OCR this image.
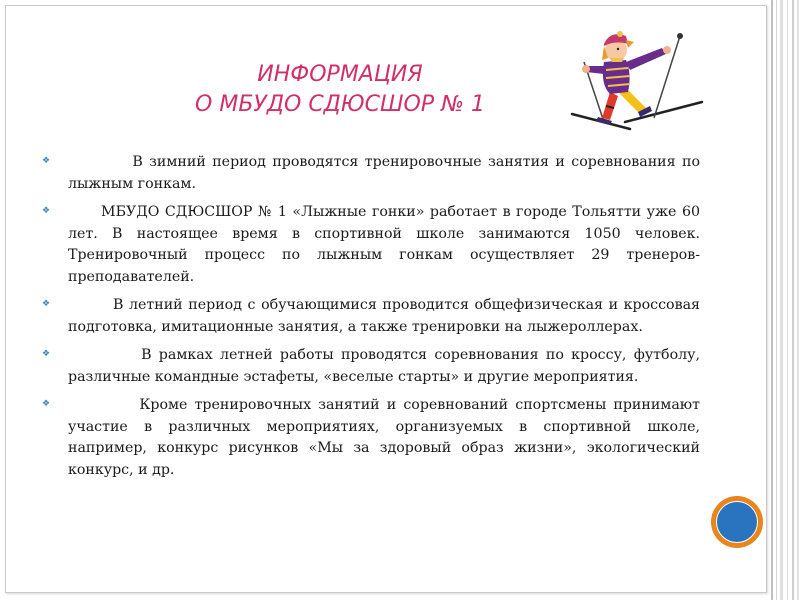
ИНФОРМАЦИЯ
О МБУДО СДЮСШОР № 1
❖	В зимний период проводятся тренировочные занятия и соревнования по лыжным гонкам.

❖	МБУДО СДЮСШОР № 1 «Лыжные гонки» работает в городе Тольятти уже 60 лет. В настоящее время в спортивной школе занимаются 1050 человек. Тренировочный процесс по лыжным гонкам осуществляет 29 тренеров-преподавателей.

❖	В летний период с обучающимися проводится общефизическая и кроссовая подготовка, имитационные занятия, а также тренировки на лыжероллерах.

❖	В рамках летней работы проводятся соревнования по кроссу, футболу, различные командные эстафеты, «веселые старты» и другие мероприятия.

❖	Кроме тренировочных занятий и соревнований спортсмены принимают участие в различных мероприятиях, организуемых в спортивной школе, например, конкурс рисунков «Мы за здоровый образ жизни», экологический конкурс, и др.
